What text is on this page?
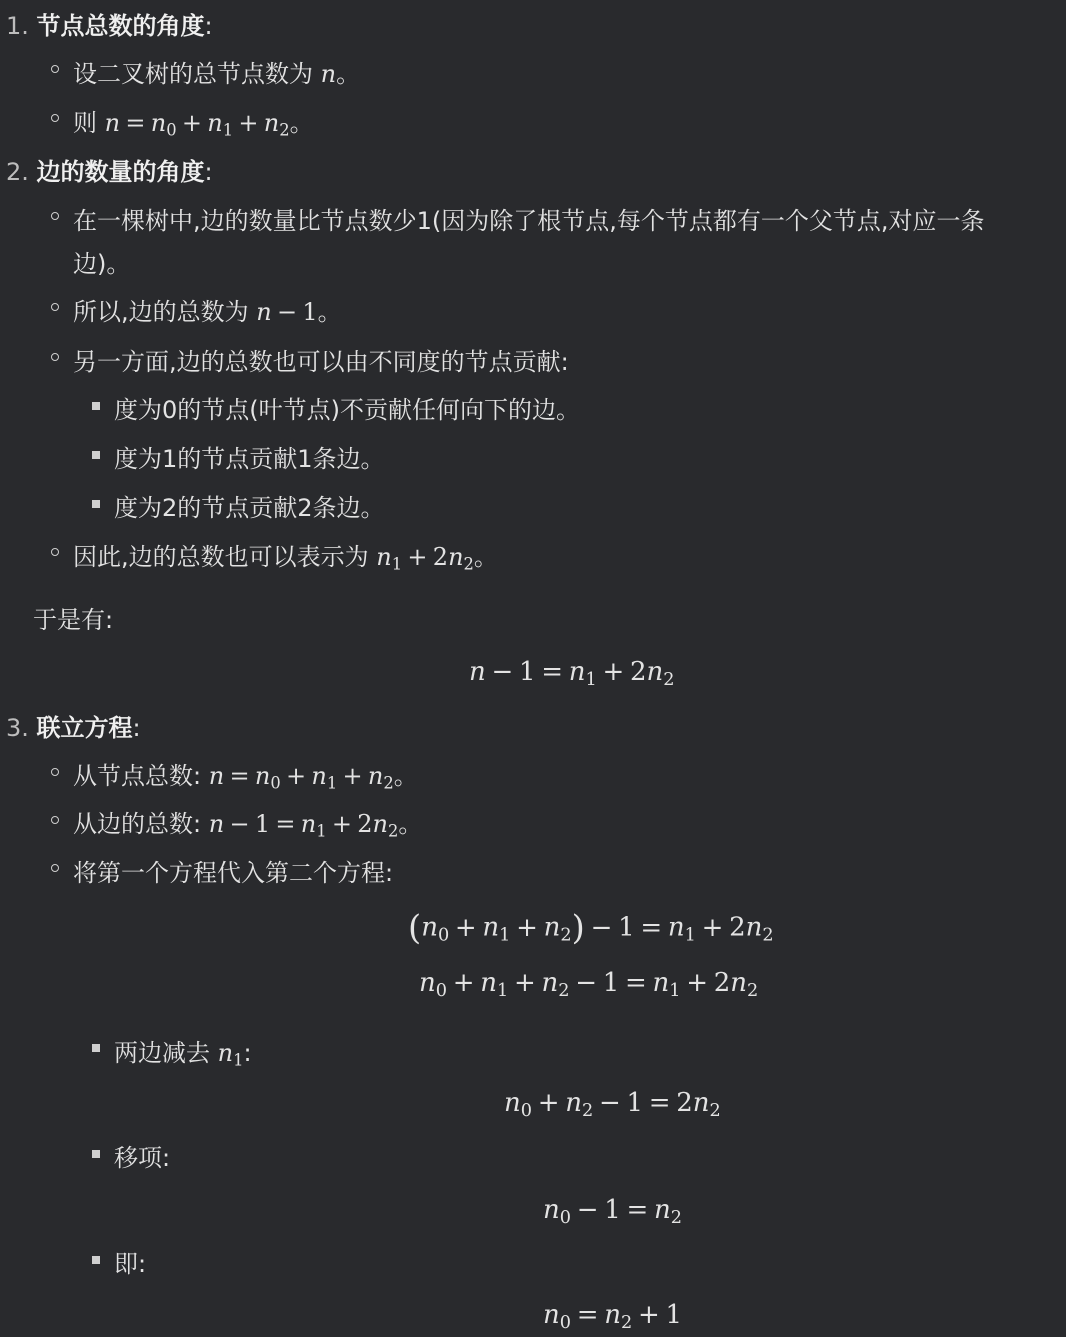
1. 节点总数的角度:
设二叉树的总节点数为 n。
则 n = n0 + n1 + n2。
2. 边的数量的角度:
在一棵树中,边的数量比节点数少1(因为除了根节点,每个节点都有一个父节点,对应一条
边)。
所以,边的总数为 n − 1。
另一方面,边的总数也可以由不同度的节点贡献:
度为0的节点(叶节点)不贡献任何向下的边。
度为1的节点贡献1条边。
度为2的节点贡献2条边。
因此,边的总数也可以表示为 n1 + 2n2。
于是有:
n − 1 = n1 + 2n2
3. 联立方程:
从节点总数: n = n0 + n1 + n2。
从边的总数: n − 1 = n1 + 2n2。
将第一个方程代入第二个方程:
(n0 + n1 + n2) − 1 = n1 + 2n2
n0 + n1 + n2 − 1 = n1 + 2n2
两边减去 n1:
n0 + n2 − 1 = 2n2
移项:
n0 − 1 = n2
即:
n0 = n2 + 1
